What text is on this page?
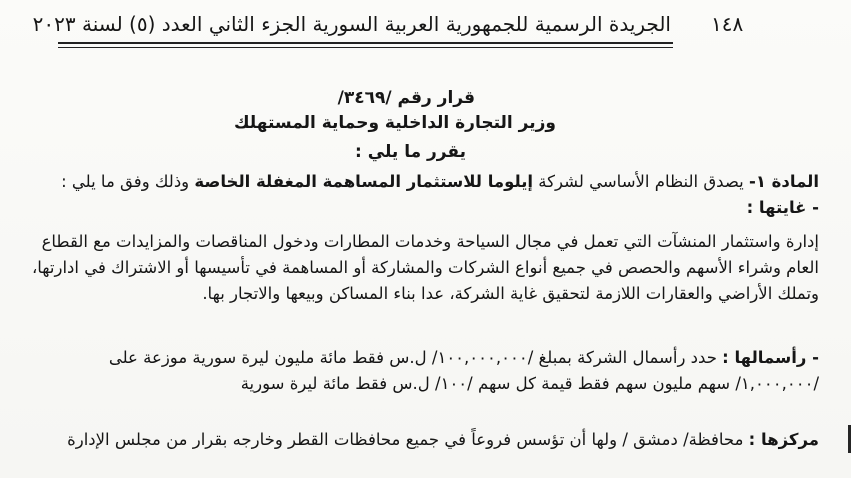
١٤٨
الجريدة الرسمية للجمهورية العربية السورية الجزء الثاني العدد (٥) لسنة ٢٠٢٣
قرار رقم /٣٤٦٩/
وزير التجارة الداخلية وحماية المستهلك
يقرر ما يلي :
المادة ١- يصدق النظام الأساسي لشركة إيلوما للاستثمار المساهمة المغفلة الخاصة وذلك وفق ما يلي :
- غايتها :
إدارة واستثمار المنشآت التي تعمل في مجال السياحة وخدمات المطارات ودخول المناقصات والمزايدات مع القطاع
العام وشراء الأسهم والحصص في جميع أنواع الشركات والمشاركة أو المساهمة في تأسيسها أو الاشتراك في ادارتها،
وتملك الأراضي والعقارات اللازمة لتحقيق غاية الشركة، عدا بناء المساكن وبيعها والاتجار بها.
- رأسمالها : حدد رأسمال الشركة بمبلغ /١٠٠,٠٠٠,٠٠٠/ ل.س فقط مائة مليون ليرة سورية موزعة على
/١,٠٠٠,٠٠٠/ سهم مليون سهم فقط قيمة كل سهم /١٠٠/ ل.س فقط مائة ليرة سورية
مركزها : محافظة/ دمشق / ولها أن تؤسس فروعاً في جميع محافظات القطر وخارجه بقرار من مجلس الإدارة
